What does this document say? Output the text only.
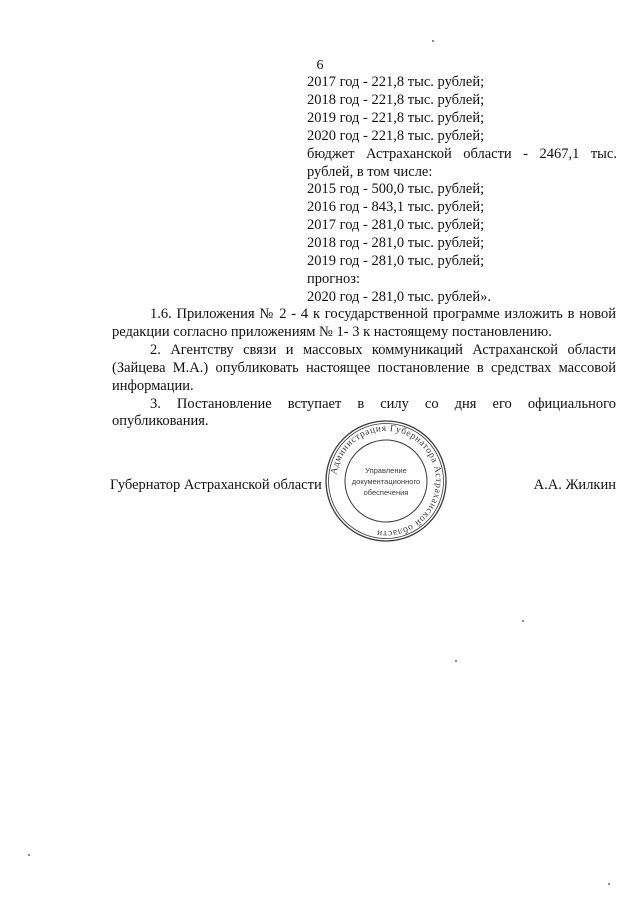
6
2017 год - 221,8 тыс. рублей;
2018 год - 221,8 тыс. рублей;
2019 год - 221,8 тыс. рублей;
2020 год - 221,8 тыс. рублей;
бюджет Астраханской области - 2467,1 тыс.
рублей, в том числе:
2015 год - 500,0 тыс. рублей;
2016 год - 843,1 тыс. рублей;
2017 год - 281,0 тыс. рублей;
2018 год - 281,0 тыс. рублей;
2019 год - 281,0 тыс. рублей;
прогноз:
2020 год - 281,0 тыс. рублей».

1.6. Приложения № 2 - 4 к государственной программе изложить в новой редакции согласно приложениям № 1- 3 к настоящему постановлению.

2. Агентству связи и массовых коммуникаций Астраханской области (Зайцева М.А.) опубликовать настоящее постановление в средствах массовой информации.

3. Постановление вступает в силу со дня его официального опубликования.

Губернатор Астраханской области	А.А. Жилкин
Администрация Губернатора Астраханской области
Управление
документационного
обеспечения
